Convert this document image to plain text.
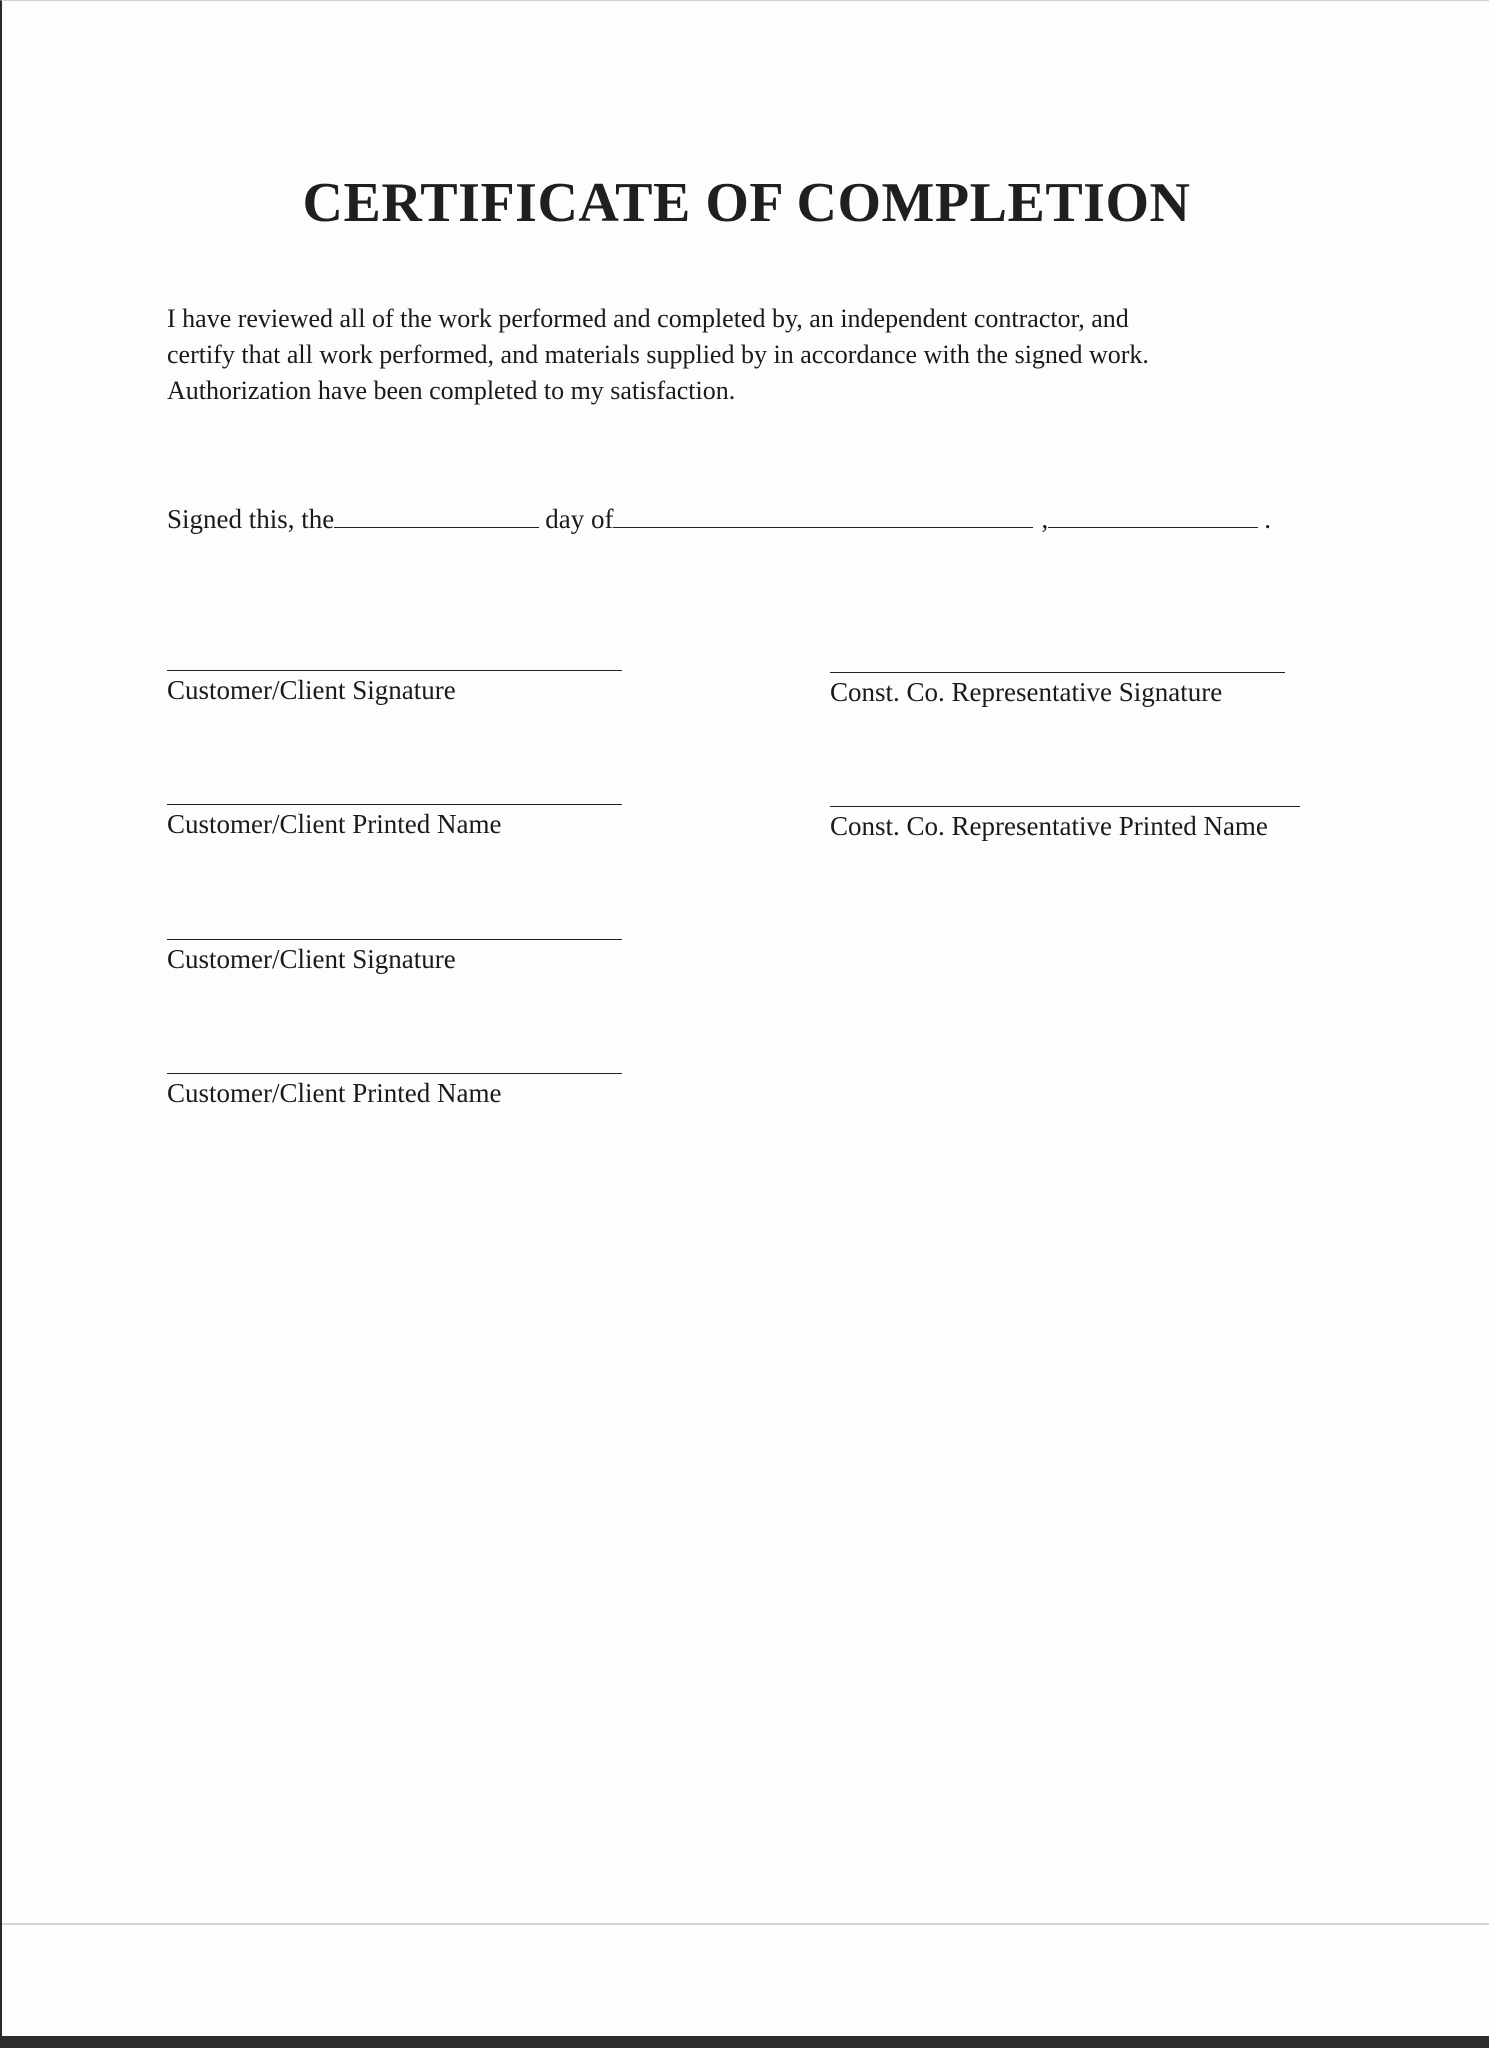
CERTIFICATE OF COMPLETION

I have reviewed all of the work performed and completed by, an independent contractor, and
certify that all work performed, and materials supplied by in accordance with the signed work.
Authorization have been completed to my satisfaction.

Signed this, the	day of	,	.
Customer/Client Signature
Customer/Client Printed Name
Customer/Client Signature
Customer/Client Printed Name
Const. Co. Representative Signature
Const. Co. Representative Printed Name
